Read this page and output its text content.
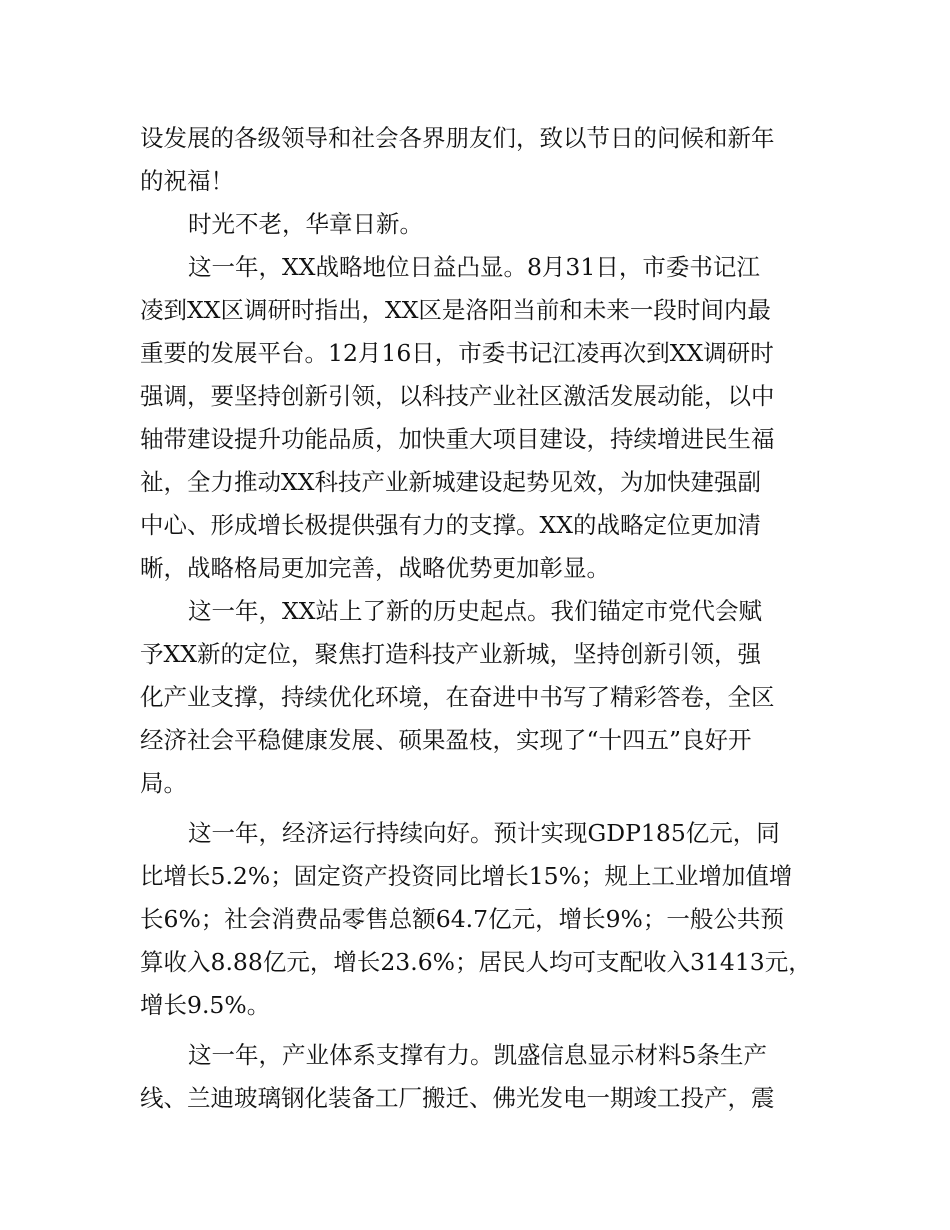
设发展的各级领导和社会各界朋友们，致以节日的问候和新年

的祝福！

时光不老，华章日新。

这一年，XX战略地位日益凸显。8月31日，市委书记江

凌到XX区调研时指出，XX区是洛阳当前和未来一段时间内最

重要的发展平台。12月16日，市委书记江凌再次到XX调研时

强调，要坚持创新引领，以科技产业社区激活发展动能，以中

轴带建设提升功能品质，加快重大项目建设，持续增进民生福

祉，全力推动XX科技产业新城建设起势见效，为加快建强副

中心、形成增长极提供强有力的支撑。XX的战略定位更加清

晰，战略格局更加完善，战略优势更加彰显。

这一年，XX站上了新的历史起点。我们锚定市党代会赋

予XX新的定位，聚焦打造科技产业新城，坚持创新引领，强

化产业支撑，持续优化环境，在奋进中书写了精彩答卷，全区

经济社会平稳健康发展、硕果盈枝，实现了“十四五”良好开

局。

这一年，经济运行持续向好。预计实现GDP185亿元，同

比增长5.2%；固定资产投资同比增长15%；规上工业增加值增

长6%；社会消费品零售总额64.7亿元，增长9%；一般公共预

算收入8.88亿元，增长23.6%；居民人均可支配收入31413元，

增长9.5%。

这一年，产业体系支撑有力。凯盛信息显示材料5条生产

线、兰迪玻璃钢化装备工厂搬迁、佛光发电一期竣工投产，震
